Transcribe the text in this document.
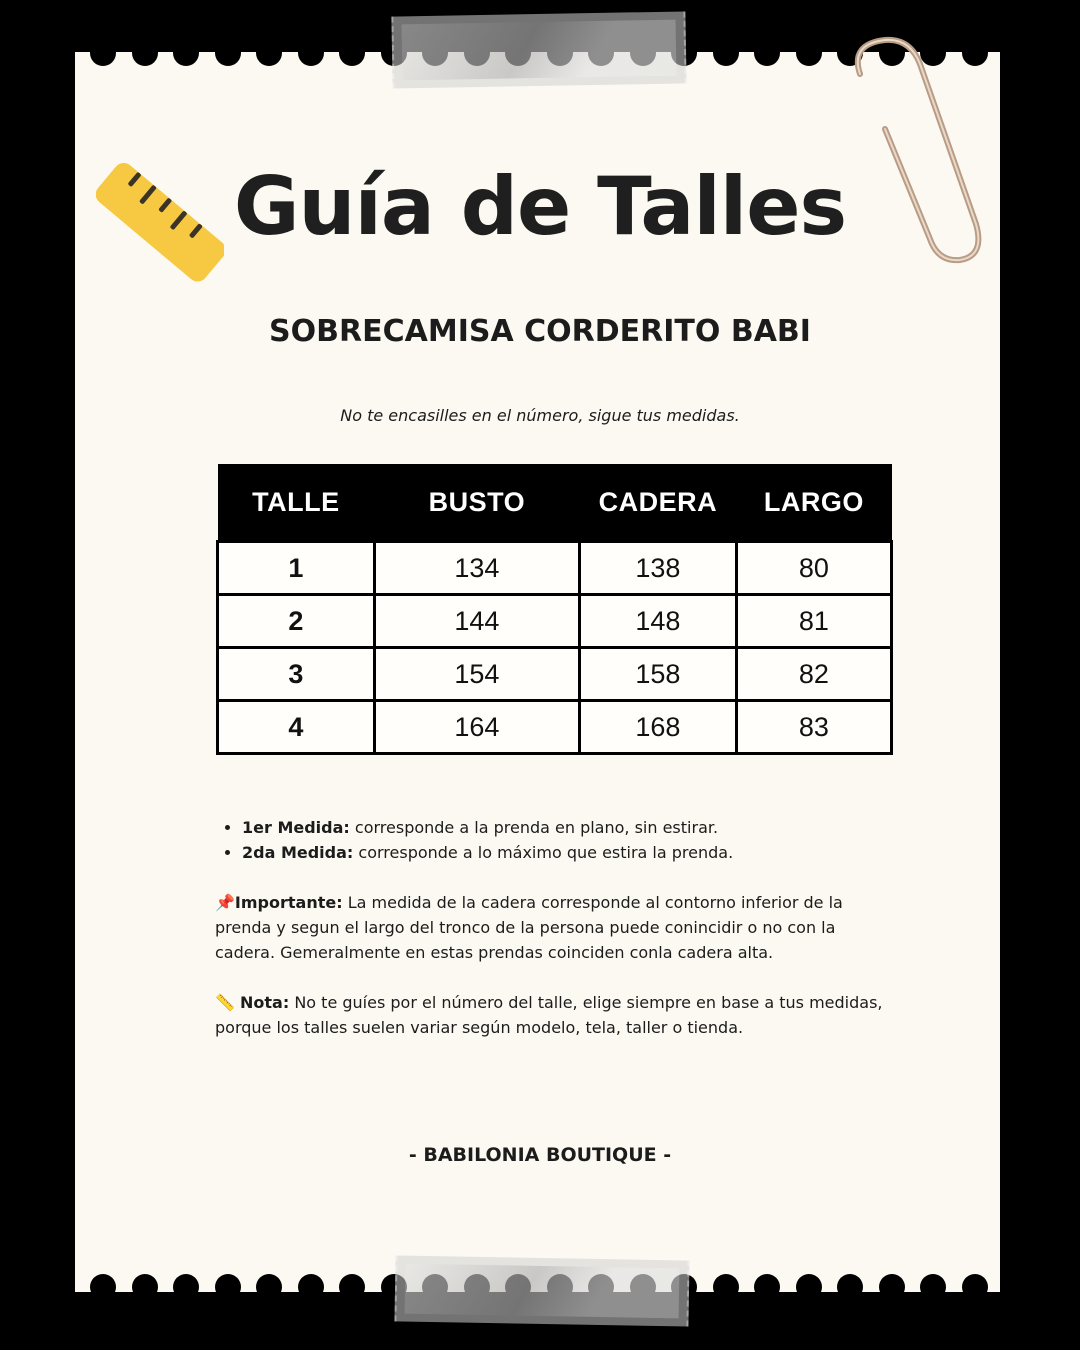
Guía de Talles
SOBRECAMISA CORDERITO BABI
No te encasilles en el número, sigue tus medidas.
TALLE	BUSTO	CADERA	LARGO
1	134	138	80
2	144	148	81
3	154	158	82
4	164	168	83
• 1er Medida: corresponde a la prenda en plano, sin estirar.
• 2da Medida: corresponde a lo máximo que estira la prenda.

📌Importante: La medida de la cadera corresponde al contorno inferior de la prenda y segun el largo del tronco de la persona puede conincidir o no con la cadera. Gemeralmente en estas prendas coinciden conla cadera alta.

📏 Nota: No te guíes por el número del talle, elige siempre en base a tus medidas, porque los talles suelen variar según modelo, tela, taller o tienda.

- BABILONIA BOUTIQUE -
